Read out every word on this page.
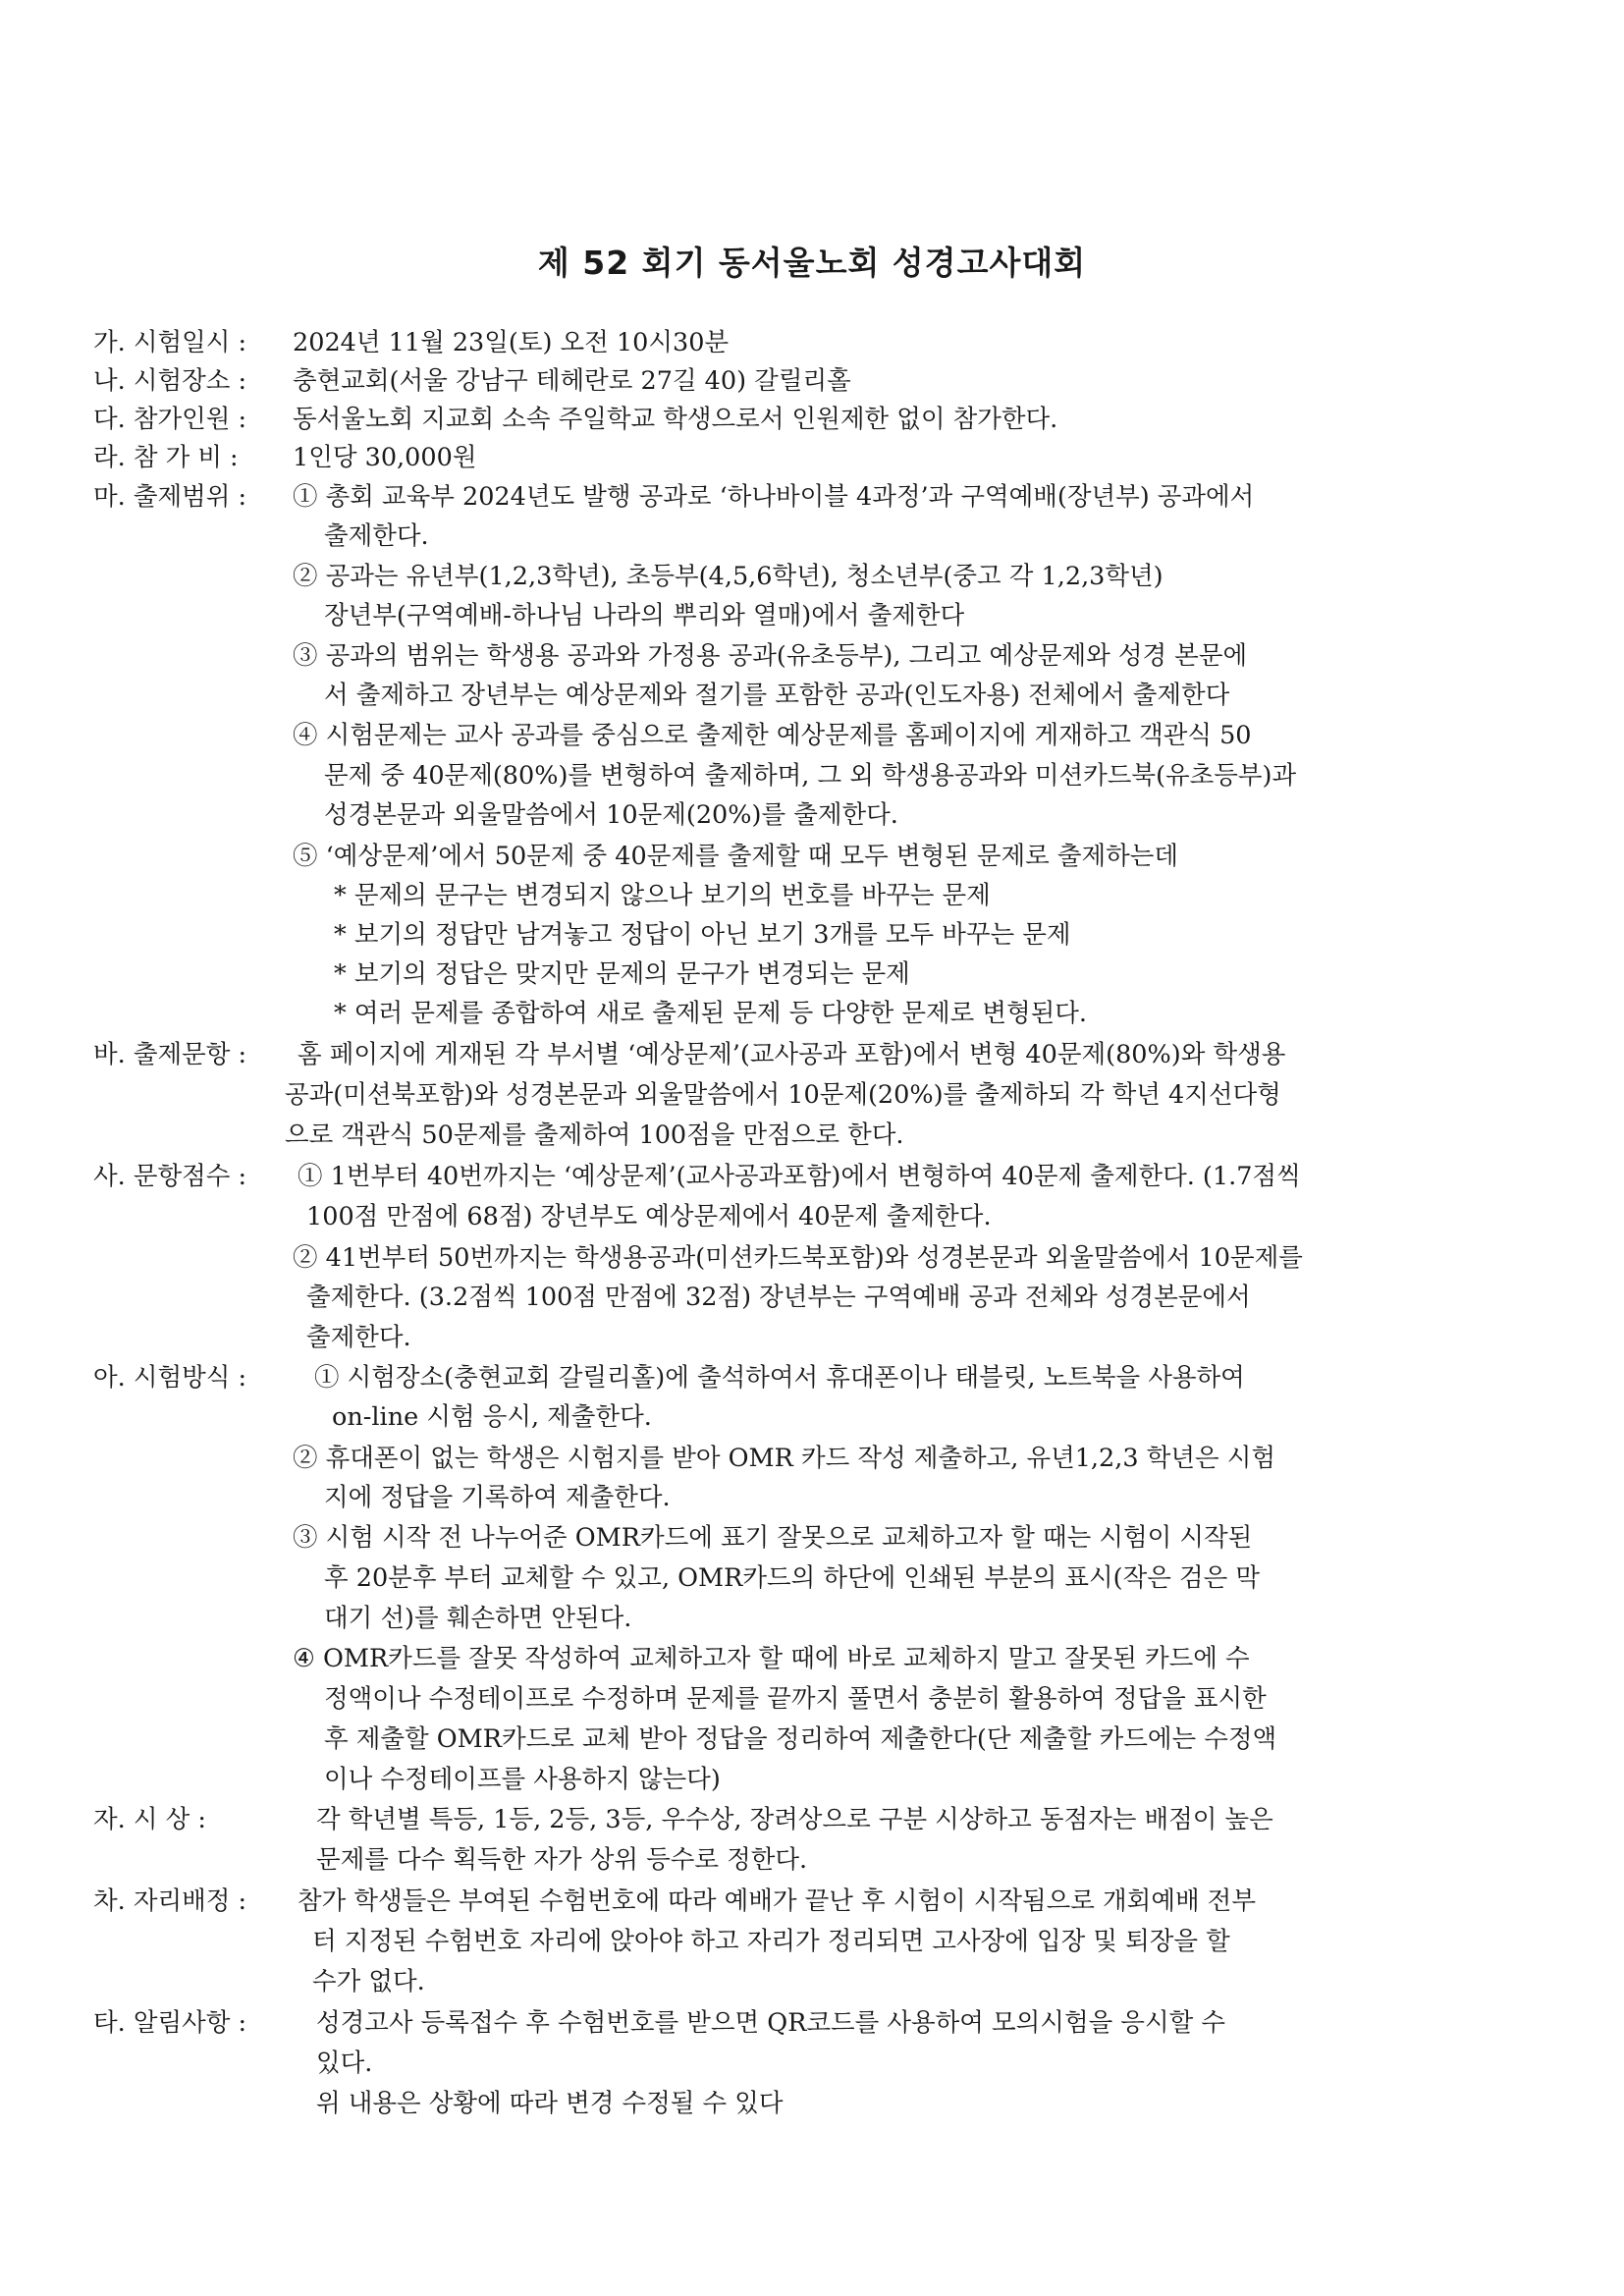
제 52 회기 동서울노회 성경고사대회
가. 시험일시 : 2024년 11월 23일(토) 오전 10시30분
나. 시험장소 : 충현교회(서울 강남구 테헤란로 27길 40) 갈릴리홀
다. 참가인원 : 동서울노회 지교회 소속 주일학교 학생으로서 인원제한 없이 참가한다.
라. 참 가 비 : 1인당 30,000원
마. 출제범위 : ① 총회 교육부 2024년도 발행 공과로 ‘하나바이블 4과정’과 구역예배(장년부) 공과에서
출제한다.
② 공과는 유년부(1,2,3학년), 초등부(4,5,6학년), 청소년부(중고 각 1,2,3학년)
장년부(구역예배-하나님 나라의 뿌리와 열매)에서 출제한다
③ 공과의 범위는 학생용 공과와 가정용 공과(유초등부), 그리고 예상문제와 성경 본문에
서 출제하고 장년부는 예상문제와 절기를 포함한 공과(인도자용) 전체에서 출제한다
④ 시험문제는 교사 공과를 중심으로 출제한 예상문제를 홈페이지에 게재하고 객관식 50
문제 중 40문제(80%)를 변형하여 출제하며, 그 외 학생용공과와 미션카드북(유초등부)과
성경본문과 외울말씀에서 10문제(20%)를 출제한다.
⑤ ‘예상문제’에서 50문제 중 40문제를 출제할 때 모두 변형된 문제로 출제하는데
* 문제의 문구는 변경되지 않으나 보기의 번호를 바꾸는 문제
* 보기의 정답만 남겨놓고 정답이 아닌 보기 3개를 모두 바꾸는 문제
* 보기의 정답은 맞지만 문제의 문구가 변경되는 문제
* 여러 문제를 종합하여 새로 출제된 문제 등 다양한 문제로 변형된다.
바. 출제문항 : 홈 페이지에 게재된 각 부서별 ‘예상문제’(교사공과 포함)에서 변형 40문제(80%)와 학생용
공과(미션북포함)와 성경본문과 외울말씀에서 10문제(20%)를 출제하되 각 학년 4지선다형
으로 객관식 50문제를 출제하여 100점을 만점으로 한다.
사. 문항점수 : ① 1번부터 40번까지는 ‘예상문제’(교사공과포함)에서 변형하여 40문제 출제한다. (1.7점씩
100점 만점에 68점) 장년부도 예상문제에서 40문제 출제한다.
② 41번부터 50번까지는 학생용공과(미션카드북포함)와 성경본문과 외울말씀에서 10문제를
출제한다. (3.2점씩 100점 만점에 32점) 장년부는 구역예배 공과 전체와 성경본문에서
출제한다.
아. 시험방식 :	① 시험장소(충현교회 갈릴리홀)에 출석하여서 휴대폰이나 태블릿, 노트북을 사용하여
on-line 시험 응시, 제출한다.
② 휴대폰이 없는 학생은 시험지를 받아 OMR 카드 작성 제출하고, 유년1,2,3 학년은 시험
지에 정답을 기록하여 제출한다.
③ 시험 시작 전 나누어준 OMR카드에 표기 잘못으로 교체하고자 할 때는 시험이 시작된
후 20분후 부터 교체할 수 있고, OMR카드의 하단에 인쇄된 부분의 표시(작은 검은 막
대기 선)를 훼손하면 안된다.
④ OMR카드를 잘못 작성하여 교체하고자 할 때에 바로 교체하지 말고 잘못된 카드에 수
정액이나 수정테이프로 수정하며 문제를 끝까지 풀면서 충분히 활용하여 정답을 표시한
후 제출할 OMR카드로 교체 받아 정답을 정리하여 제출한다(단 제출할 카드에는 수정액
이나 수정테이프를 사용하지 않는다)
자. 시 상 :	각 학년별 특등, 1등, 2등, 3등, 우수상, 장려상으로 구분 시상하고 동점자는 배점이 높은
문제를 다수 획득한 자가 상위 등수로 정한다.
차. 자리배정 : 참가 학생들은 부여된 수험번호에 따라 예배가 끝난 후 시험이 시작됨으로 개회예배 전부
터 지정된 수험번호 자리에 앉아야 하고 자리가 정리되면 고사장에 입장 및 퇴장을 할
수가 없다.
타. 알림사항 :	성경고사 등록접수 후 수험번호를 받으면 QR코드를 사용하여 모의시험을 응시할 수
있다.
위 내용은 상황에 따라 변경 수정될 수 있다
